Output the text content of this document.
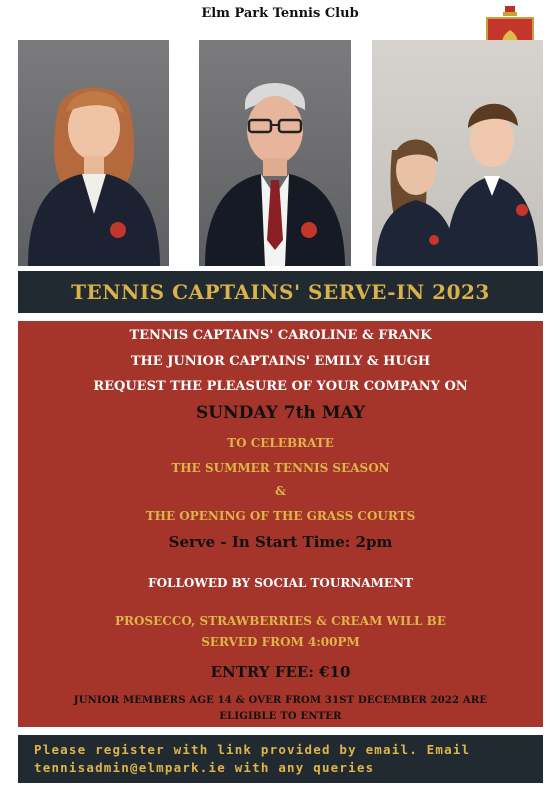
Elm Park Tennis Club
TENNIS CAPTAINS' SERVE-IN 2023
TENNIS CAPTAINS' CAROLINE & FRANK
THE JUNIOR CAPTAINS' EMILY & HUGH
REQUEST THE PLEASURE OF YOUR COMPANY ON
SUNDAY 7th MAY
TO CELEBRATE
THE SUMMER TENNIS SEASON
&
THE OPENING OF THE GRASS COURTS
Serve - In Start Time: 2pm
FOLLOWED BY SOCIAL TOURNAMENT
PROSECCO, STRAWBERRIES & CREAM WILL BE
SERVED FROM 4:00PM
ENTRY FEE: €10
JUNIOR MEMBERS AGE 14 & OVER FROM 31ST DECEMBER 2022 ARE
ELIGIBLE TO ENTER
Please register with link provided by email. Email
tennisadmin@elmpark.ie with any queries
